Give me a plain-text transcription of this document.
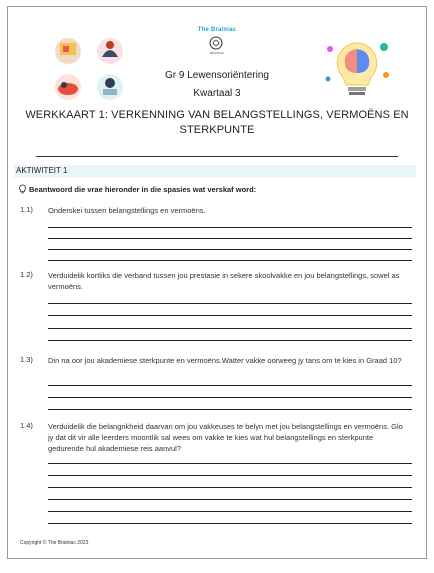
The Brainiac
BRAINIAC
Gr 9 Lewensoriëntering
Kwartaal 3
WERKKAART 1: VERKENNING VAN BELANGSTELLINGS, VERMOËNS EN STERKPUNTE
AKTIWITEIT 1
Beantwoord die vrae hieronder in die spasies wat verskaf word:
1.1) Onderskei tussen belangstellings en vermoëns.
1.2) Verduidelik kortliks die verband tussen jou prestasie in sekere skoolvakke en jou belangstellings, sowel as vermoëns.
1.3) Din na oor jou akademiese sterkpunte en vermoëns.Watter vakke oorweeg jy tans om te kies in Graad 10?
1.4) Verduidelik die belangrikheid daarvan om jou vakkeuses te belyn met jou belangstellings en vermoëns. Glo jy dat dit vir alle leerders moontlik sal wees om vakke te kies wat hul belangstellings en sterkpunte gedurende hul akademiese reis aanvul?
Copyright © The Brainiac 2023
